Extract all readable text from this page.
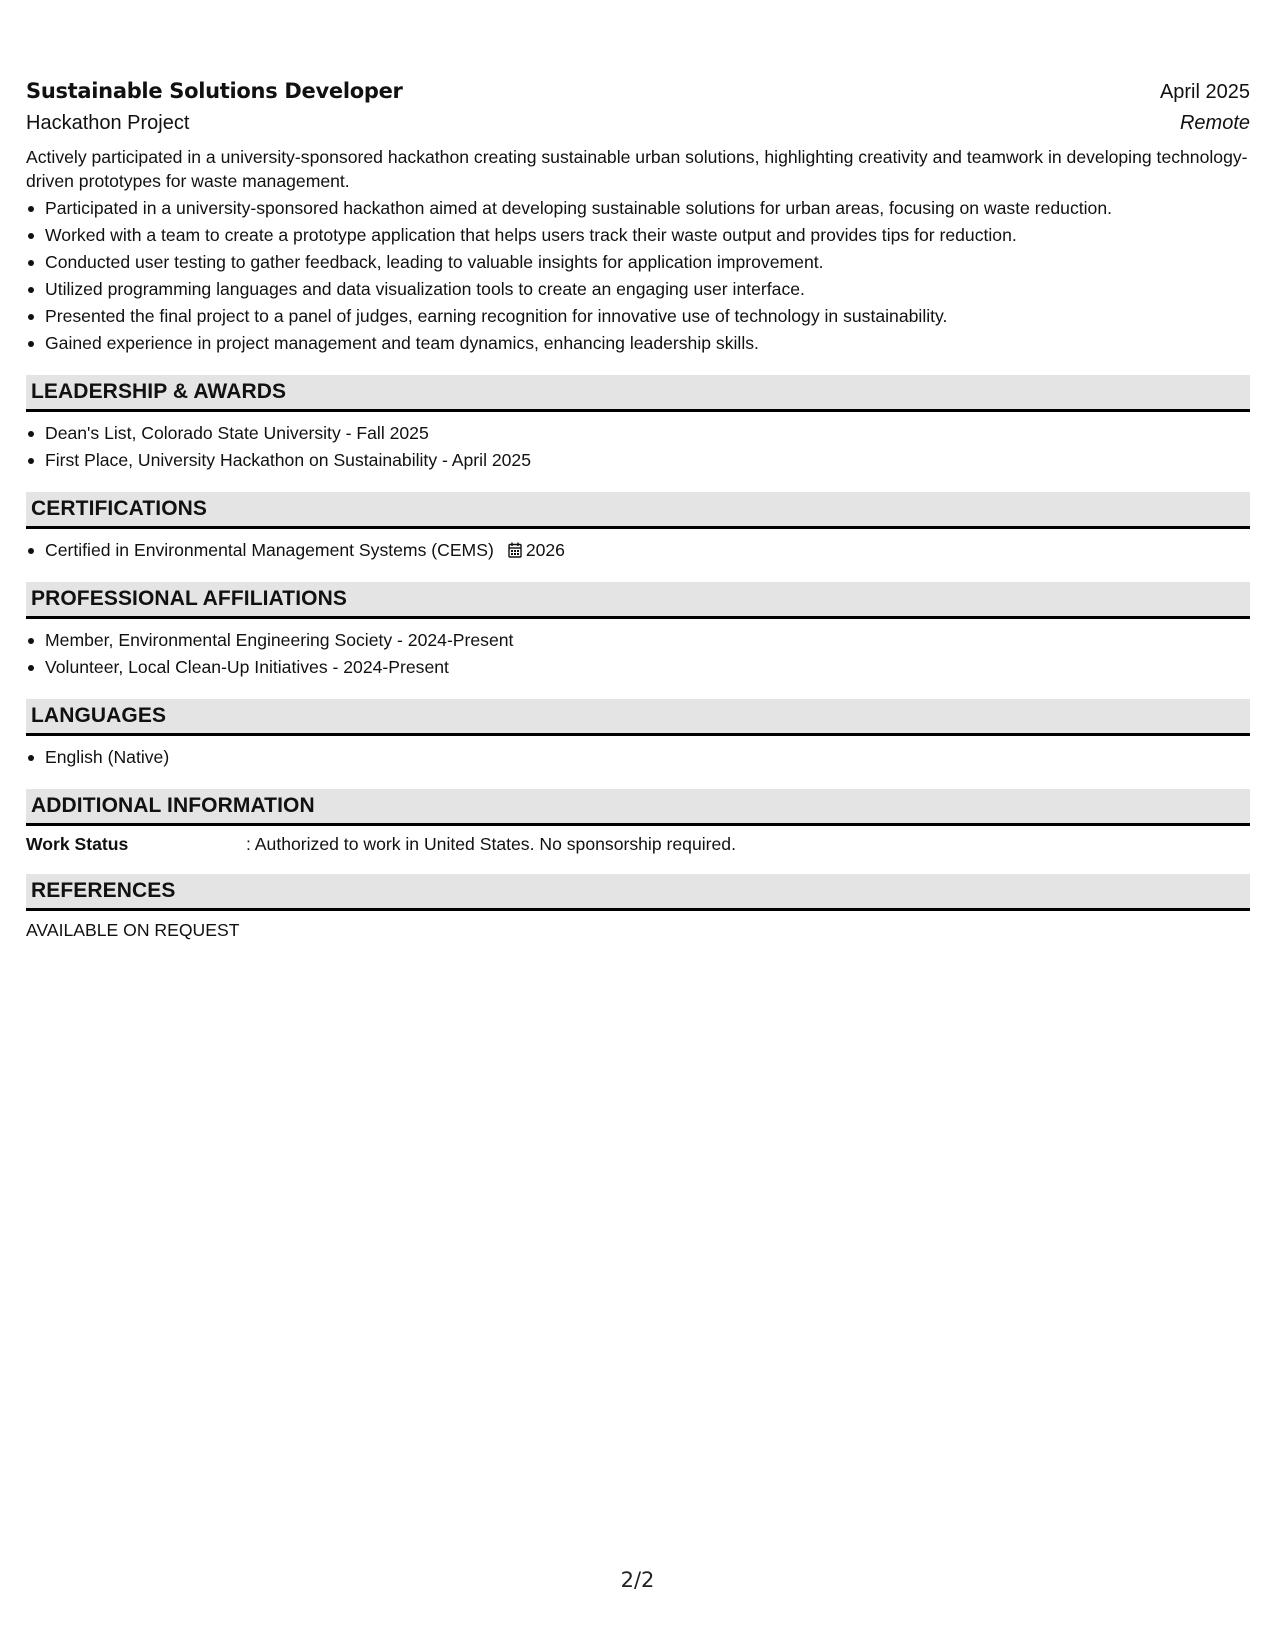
Sustainable Solutions Developer	April 2025
Hackathon Project	Remote
Actively participated in a university-sponsored hackathon creating sustainable urban solutions, highlighting creativity and teamwork in developing technology-driven prototypes for waste management.
Participated in a university-sponsored hackathon aimed at developing sustainable solutions for urban areas, focusing on waste reduction.
Worked with a team to create a prototype application that helps users track their waste output and provides tips for reduction.
Conducted user testing to gather feedback, leading to valuable insights for application improvement.
Utilized programming languages and data visualization tools to create an engaging user interface.
Presented the final project to a panel of judges, earning recognition for innovative use of technology in sustainability.
Gained experience in project management and team dynamics, enhancing leadership skills.
LEADERSHIP & AWARDS
Dean's List, Colorado State University - Fall 2025
First Place, University Hackathon on Sustainability - April 2025
CERTIFICATIONS
Certified in Environmental Management Systems (CEMS) 2026
PROFESSIONAL AFFILIATIONS
Member, Environmental Engineering Society - 2024-Present
Volunteer, Local Clean-Up Initiatives - 2024-Present
LANGUAGES
English (Native)
ADDITIONAL INFORMATION
Work Status	: Authorized to work in United States. No sponsorship required.
REFERENCES
AVAILABLE ON REQUEST
2/2
